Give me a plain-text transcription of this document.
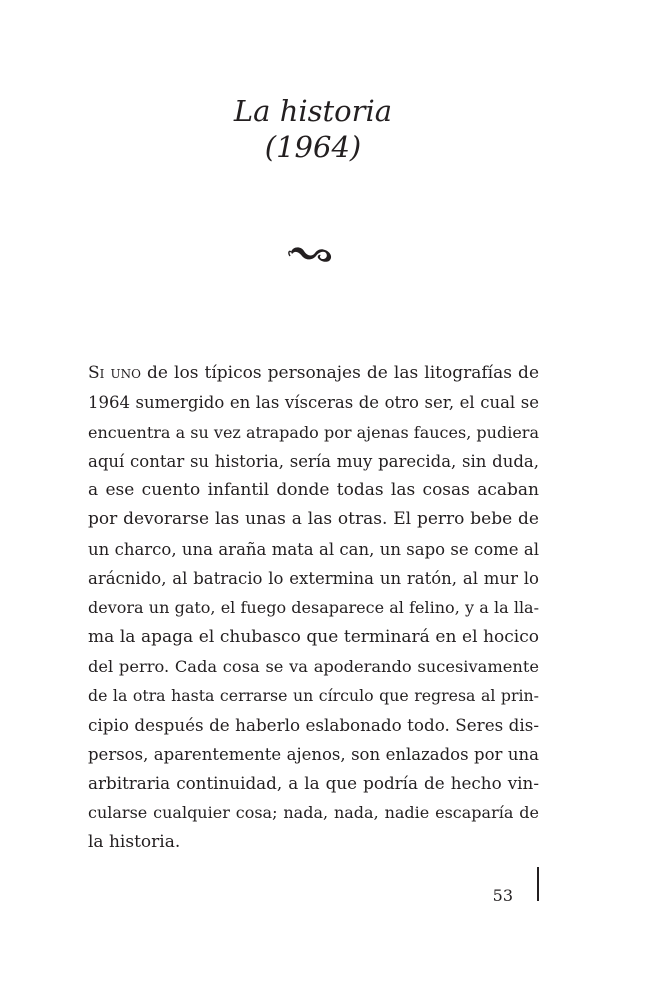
La historia
(1964)
Si uno de los típicos personajes de las litografías de
1964 sumergido en las vísceras de otro ser, el cual se
encuentra a su vez atrapado por ajenas fauces, pudiera
aquí contar su historia, sería muy parecida, sin duda,
a ese cuento infantil donde todas las cosas acaban
por devorarse las unas a las otras. El perro bebe de
un charco, una araña mata al can, un sapo se come al
arácnido, al batracio lo extermina un ratón, al mur lo
devora un gato, el fuego desaparece al felino, y a la lla-
ma la apaga el chubasco que terminará en el hocico
del perro. Cada cosa se va apoderando sucesivamente
de la otra hasta cerrarse un círculo que regresa al prin-
cipio después de haberlo eslabonado todo. Seres dis-
persos, aparentemente ajenos, son enlazados por una
arbitraria continuidad, a la que podría de hecho vin-
cularse cualquier cosa; nada, nada, nadie escaparía de
la historia.
53
